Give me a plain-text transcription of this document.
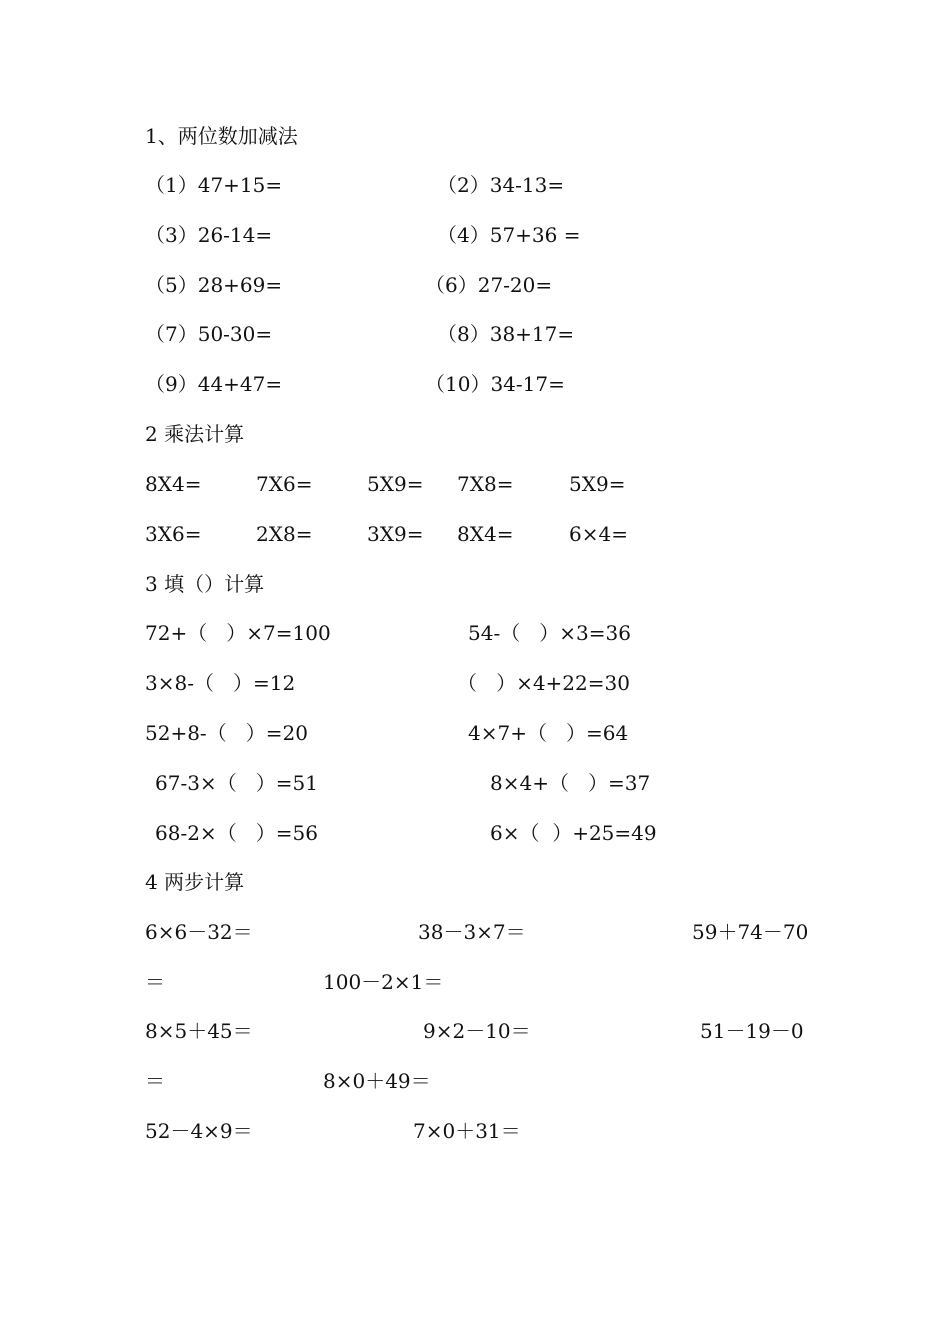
1、两位数加减法
（1）47+15=	（2）34-13=
（3）26-14=	（4）57+36 =
（5）28+69=	（6）27-20=
（7）50-30=	（8）38+17=
（9）44+47=	（10）34-17=
2 乘法计算
8X4=	7X6=	5X9= 7X8=	5X9=
3X6=	2X8=	3X9= 8X4=	6×4=
3 填（）计算
72+（   ）×7=100	54-（   ）×3=36
3×8-（   ）=12	（   ）×4+22=30
52+8-（   ）=20	4×7+（   ）=64
67-3×（   ）=51	8×4+（   ）=37
68-2×（   ）=56	6×（  ）+25=49
4 两步计算
6×6－32＝	38－3×7＝	59＋74－70
＝	100－2×1＝
8×5＋45＝	9×2－10＝	51－19－0
＝	8×0＋49＝
52－4×9＝	7×0＋31＝
